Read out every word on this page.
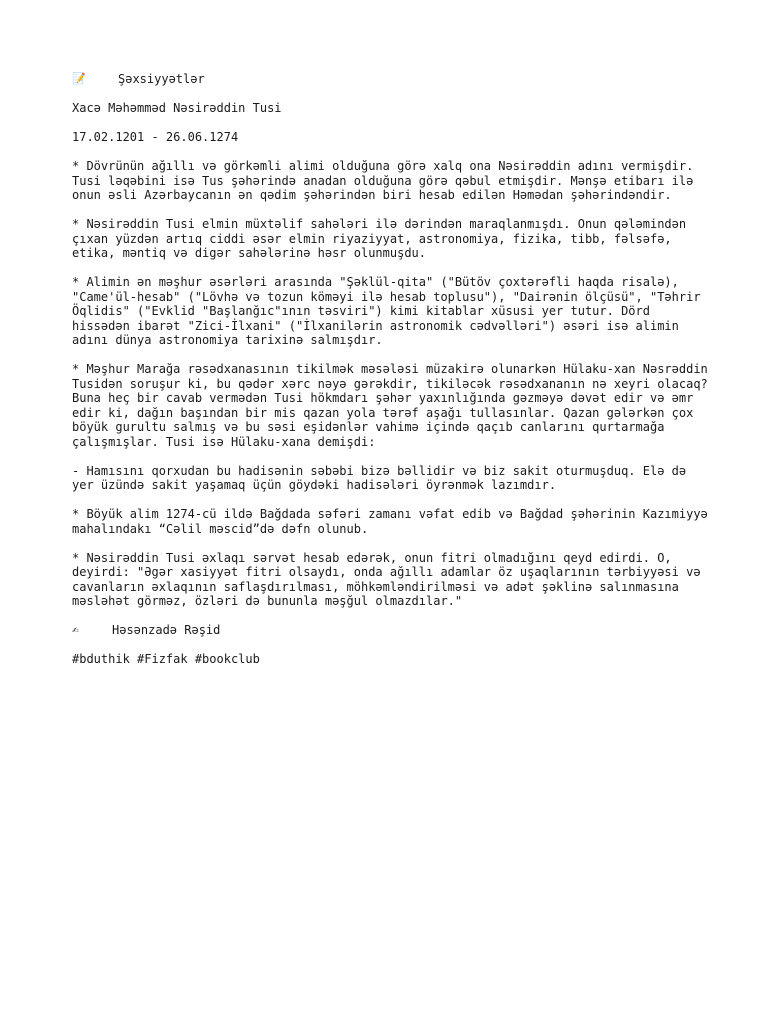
📝	Şəxsiyyətlər

Xacə Məhəmməd Nəsirəddin Tusi

17.02.1201 - 26.06.1274

* Dövrünün ağıllı və görkəmli alimi olduğuna görə xalq ona Nəsirəddin adını vermişdir. Tusi ləqəbini isə Tus şəhərində anadan olduğuna görə qəbul etmişdir. Mənşə etibarı ilə onun əsli Azərbaycanın ən qədim şəhərindən biri hesab edilən Həmədan şəhərindəndir.

* Nəsirəddin Tusi elmin müxtəlif sahələri ilə dərindən maraqlanmışdı. Onun qələmindən çıxan yüzdən artıq ciddi əsər elmin riyaziyyat, astronomiya, fizika, tibb, fəlsəfə, etika, məntiq və digər sahələrinə həsr olunmuşdu.

* Alimin ən məşhur əsərləri arasında "Şəklül-qita" ("Bütöv çoxtərəfli haqda risalə), "Came'ül-hesab" ("Lövhə və tozun köməyi ilə hesab toplusu"), "Dairənin ölçüsü", "Təhrir Öqlidis" ("Evklid "Başlanğıc"ının təsviri") kimi kitablar xüsusi yer tutur. Dörd hissədən ibarət "Zici-İlxani" ("İlxanilərin astronomik cədvəlləri") əsəri isə alimin adını dünya astronomiya tarixinə salmışdır.

* Məşhur Marağa rəsədxanasının tikilmək məsələsi müzakirə olunarkən Hülaku-xan Nəsrəddin Tusidən soruşur ki, bu qədər xərc nəyə gərəkdir, tikiləcək rəsədxananın nə xeyri olacaq? Buna heç bir cavab vermədən Tusi hökmdarı şəhər yaxınlığında gəzməyə dəvət edir və əmr edir ki, dağın başından bir mis qazan yola tərəf aşağı tullasınlar. Qazan gələrkən çox böyük gurultu salmış və bu səsi eşidənlər vahimə içində qaçıb canlarını qurtarmağa çalışmışlar. Tusi isə Hülaku-xana demişdi:

- Hamısını qorxudan bu hadisənin səbəbi bizə bəllidir və biz sakit oturmuşduq. Elə də yer üzündə sakit yaşamaq üçün göydəki hadisələri öyrənmək lazımdır.

* Böyük alim 1274-cü ildə Bağdada səfəri zamanı vəfat edib və Bağdad şəhərinin Kazımiyyə mahalındakı “Cəlil məscid”də dəfn olunub.

* Nəsirəddin Tusi əxlaqı sərvət hesab edərək, onun fitri olmadığını qeyd edirdi. O, deyirdi: "Əgər xasiyyət fitri olsaydı, onda ağıllı adamlar öz uşaqlarının tərbiyyəsi və cavanların əxlaqının saflaşdırılması, möhkəmləndirilməsi və adət şəklinə salınmasına məsləhət görməz, özləri də bununla məşğul olmazdılar."

✍	Həsənzadə Rəşid

#bduthik #Fizfak #bookclub
